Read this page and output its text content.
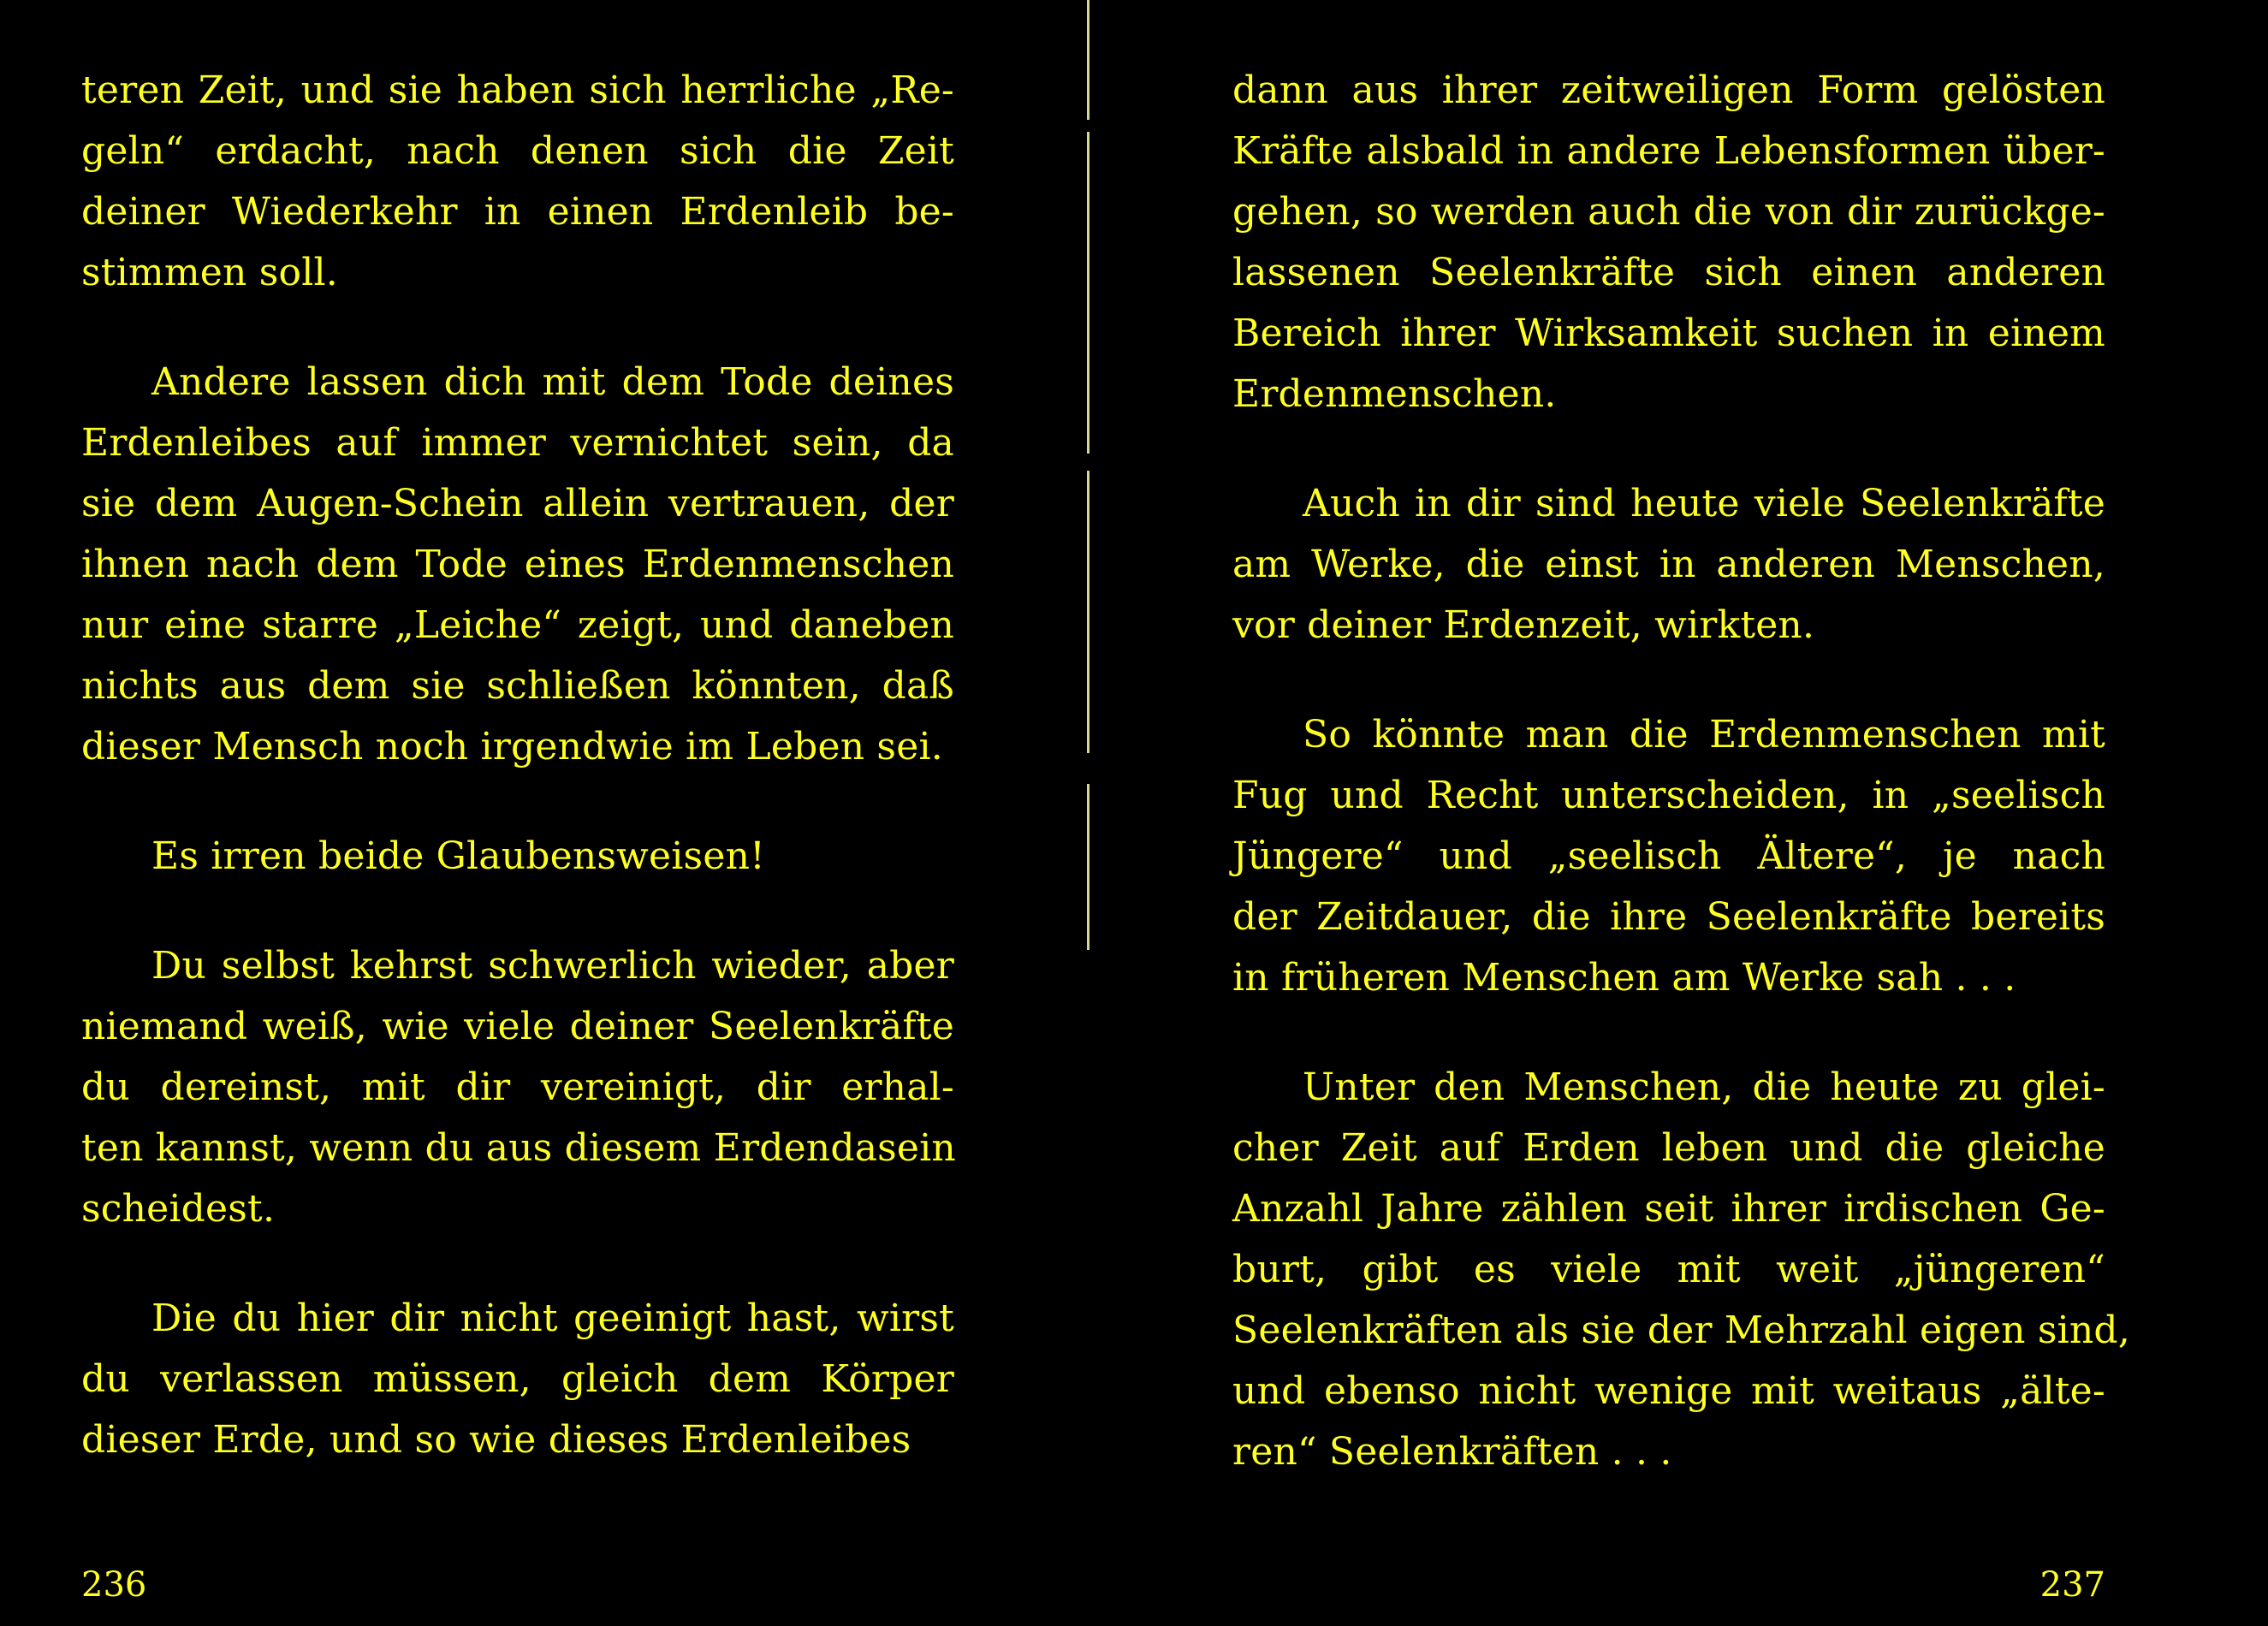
teren Zeit, und sie haben sich herrliche „Re-
geln“ erdacht, nach denen sich die Zeit
deiner Wiederkehr in einen Erdenleib be-
stimmen soll.
Andere lassen dich mit dem Tode deines
Erdenleibes auf immer vernichtet sein, da
sie dem Augen-Schein allein vertrauen, der
ihnen nach dem Tode eines Erdenmenschen
nur eine starre „Leiche“ zeigt, und daneben
nichts aus dem sie schließen könnten, daß
dieser Mensch noch irgendwie im Leben sei.
Es irren beide Glaubensweisen!
Du selbst kehrst schwerlich wieder, aber
niemand weiß, wie viele deiner Seelenkräfte
du dereinst, mit dir vereinigt, dir erhal-
ten kannst, wenn du aus diesem Erdendasein
scheidest.
Die du hier dir nicht geeinigt hast, wirst
du verlassen müssen, gleich dem Körper
dieser Erde, und so wie dieses Erdenleibes
236
dann aus ihrer zeitweiligen Form gelösten
Kräfte alsbald in andere Lebensformen über-
gehen, so werden auch die von dir zurückge-
lassenen Seelenkräfte sich einen anderen
Bereich ihrer Wirksamkeit suchen in einem
Erdenmenschen.
Auch in dir sind heute viele Seelenkräfte
am Werke, die einst in anderen Menschen,
vor deiner Erdenzeit, wirkten.
So könnte man die Erdenmenschen mit
Fug und Recht unterscheiden, in „seelisch
Jüngere“ und „seelisch Ältere“, je nach
der Zeitdauer, die ihre Seelenkräfte bereits
in früheren Menschen am Werke sah . . .
Unter den Menschen, die heute zu glei-
cher Zeit auf Erden leben und die gleiche
Anzahl Jahre zählen seit ihrer irdischen Ge-
burt, gibt es viele mit weit „jüngeren“
Seelenkräften als sie der Mehrzahl eigen sind,
und ebenso nicht wenige mit weitaus „älte-
ren“ Seelenkräften . . .
237
